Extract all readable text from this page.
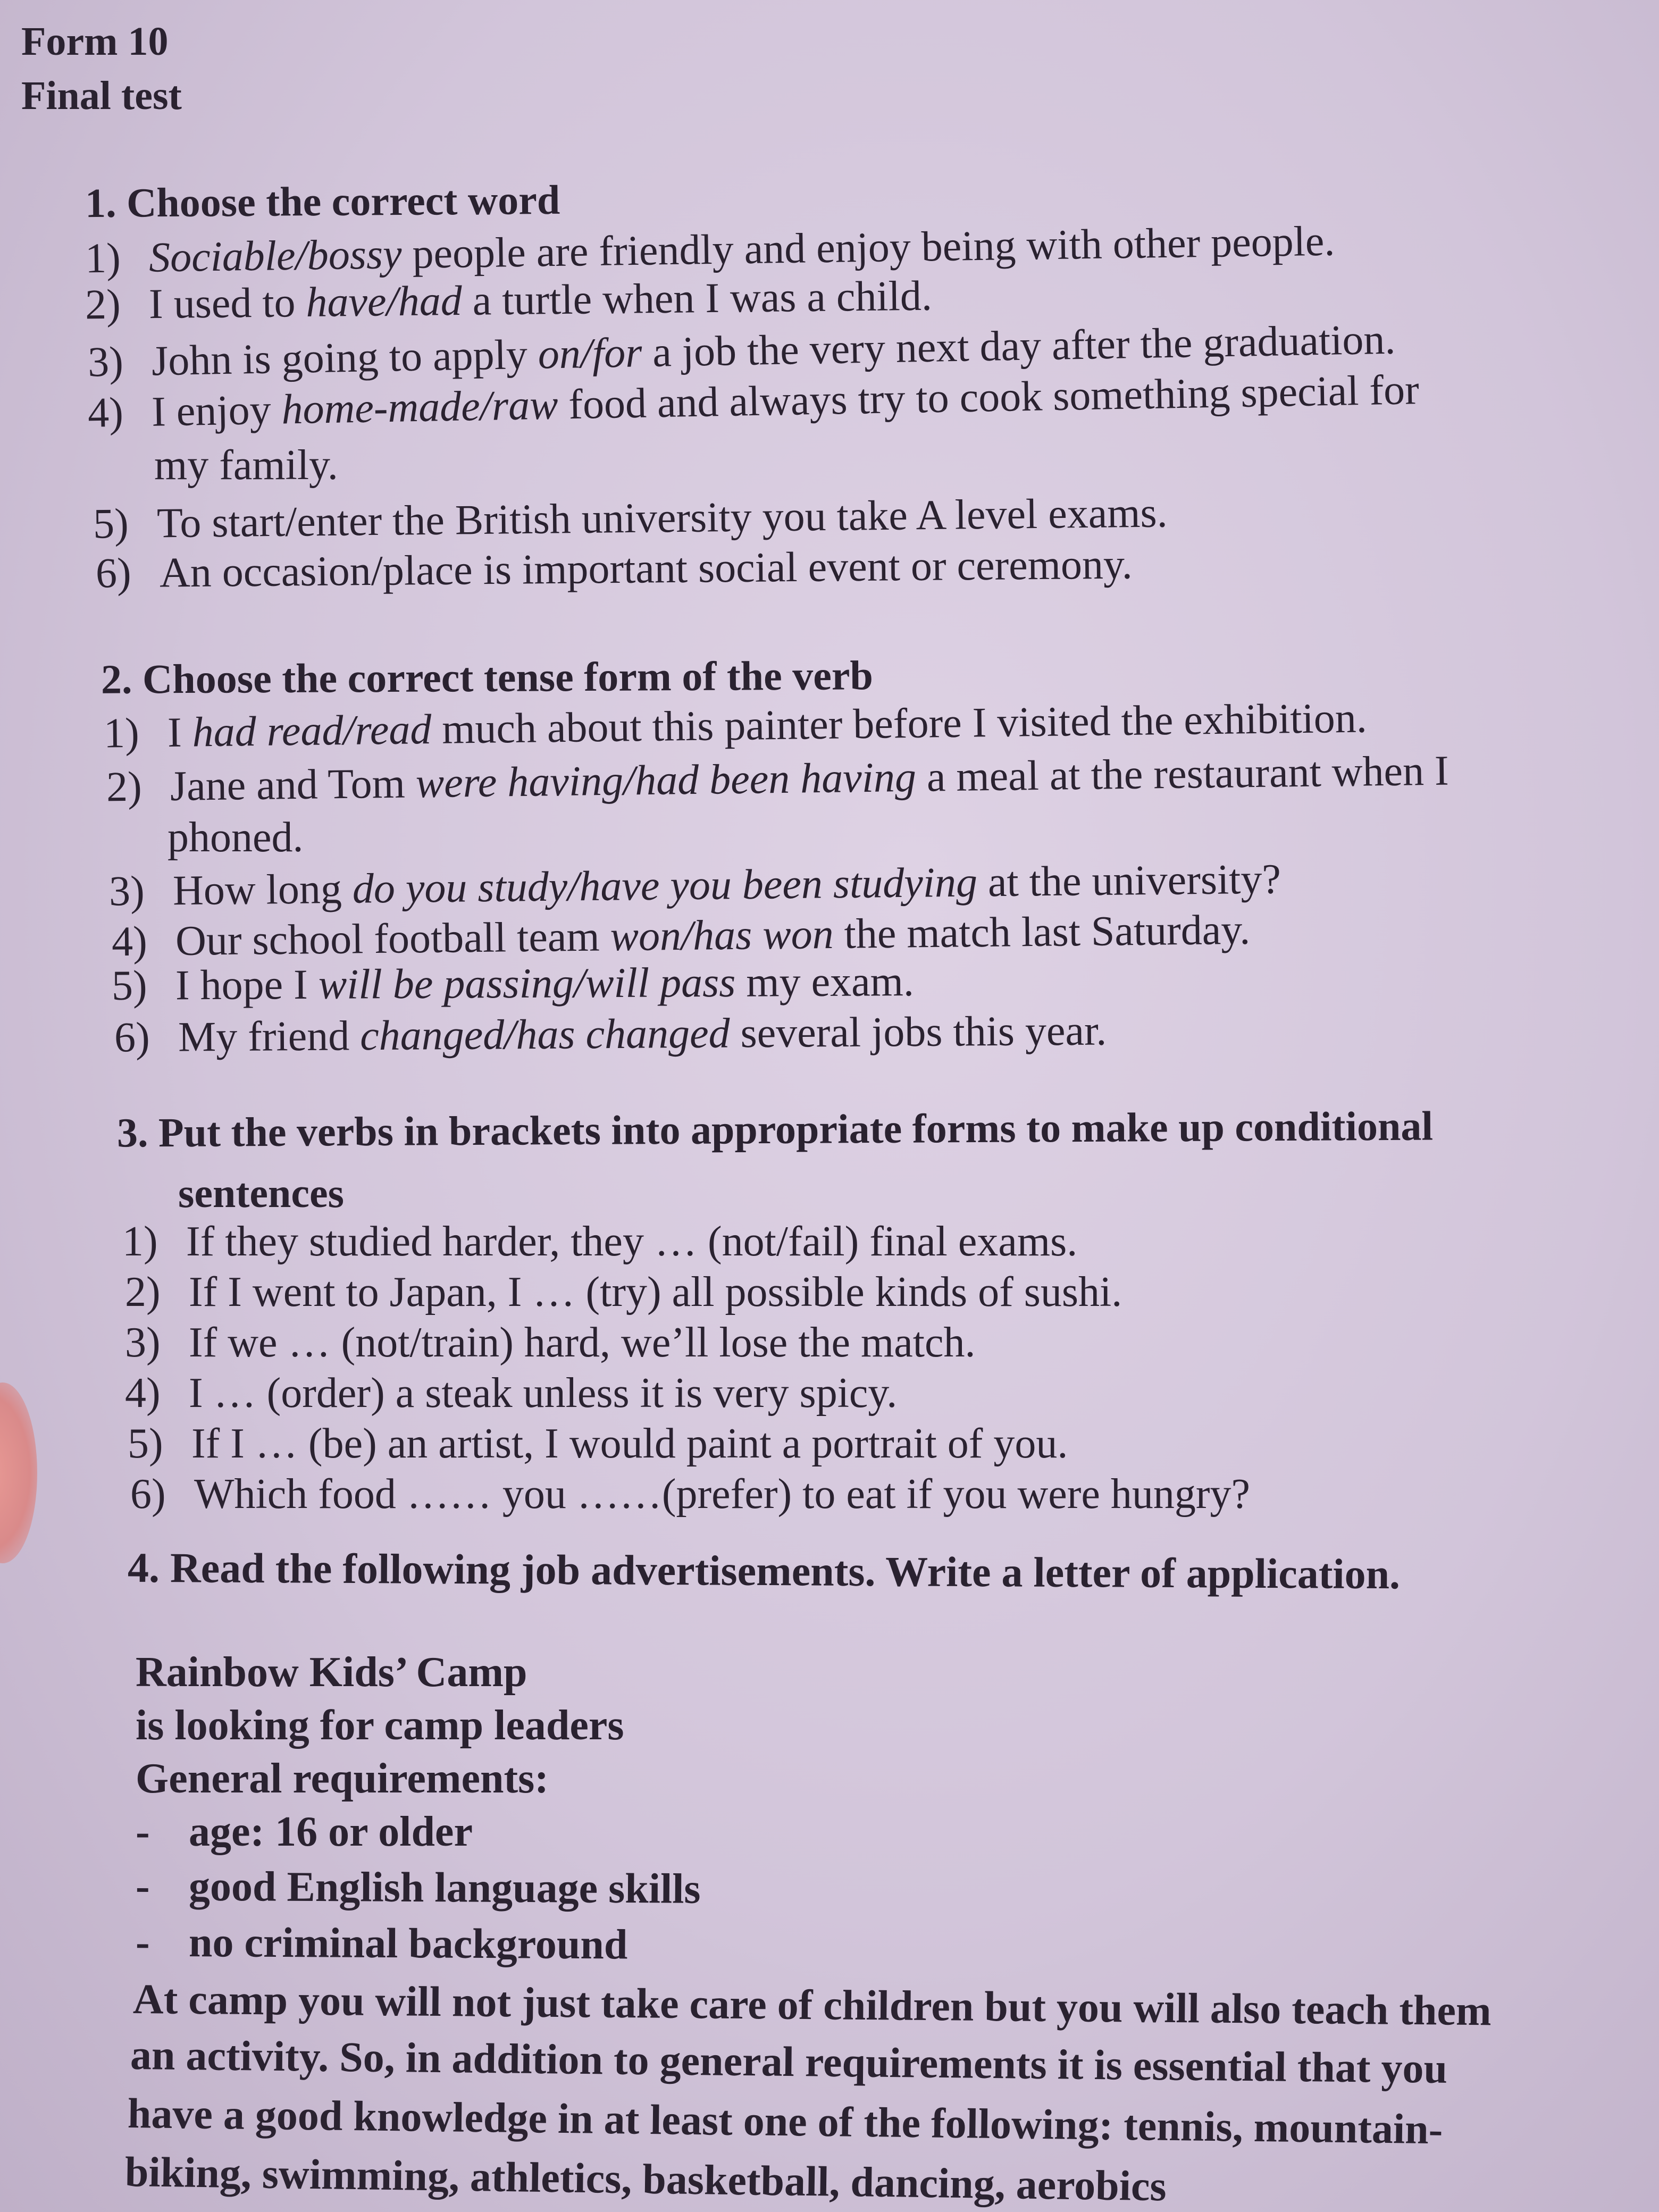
Form 10
Final test
1. Choose the correct word
1) Sociable/bossy people are friendly and enjoy being with other people.
2) I used to have/had a turtle when I was a child.
3) John is going to apply on/for a job the very next day after the graduation.
4) I enjoy home-made/raw food and always try to cook something special for
my family.
5) To start/enter the British university you take A level exams.
6) An occasion/place is important social event or ceremony.
2. Choose the correct tense form of the verb
1) I had read/read much about this painter before I visited the exhibition.
2) Jane and Tom were having/had been having a meal at the restaurant when I
phoned.
3) How long do you study/have you been studying at the university?
4) Our school football team won/has won the match last Saturday.
5) I hope I will be passing/will pass my exam.
6) My friend changed/has changed several jobs this year.
3. Put the verbs in brackets into appropriate forms to make up conditional
sentences
1) If they studied harder, they … (not/fail) final exams.
2) If I went to Japan, I … (try) all possible kinds of sushi.
3) If we … (not/train) hard, we’ll lose the match.
4) I … (order) a steak unless it is very spicy.
5) If I … (be) an artist, I would paint a portrait of you.
6) Which food …… you ……(prefer) to eat if you were hungry?
4. Read the following job advertisements. Write a letter of application.
Rainbow Kids’ Camp
is looking for camp leaders
General requirements:
- age: 16 or older
- good English language skills
- no criminal background
At camp you will not just take care of children but you will also teach them
an activity. So, in addition to general requirements it is essential that you
have a good knowledge in at least one of the following: tennis, mountain-
biking, swimming, athletics, basketball, dancing, aerobics
